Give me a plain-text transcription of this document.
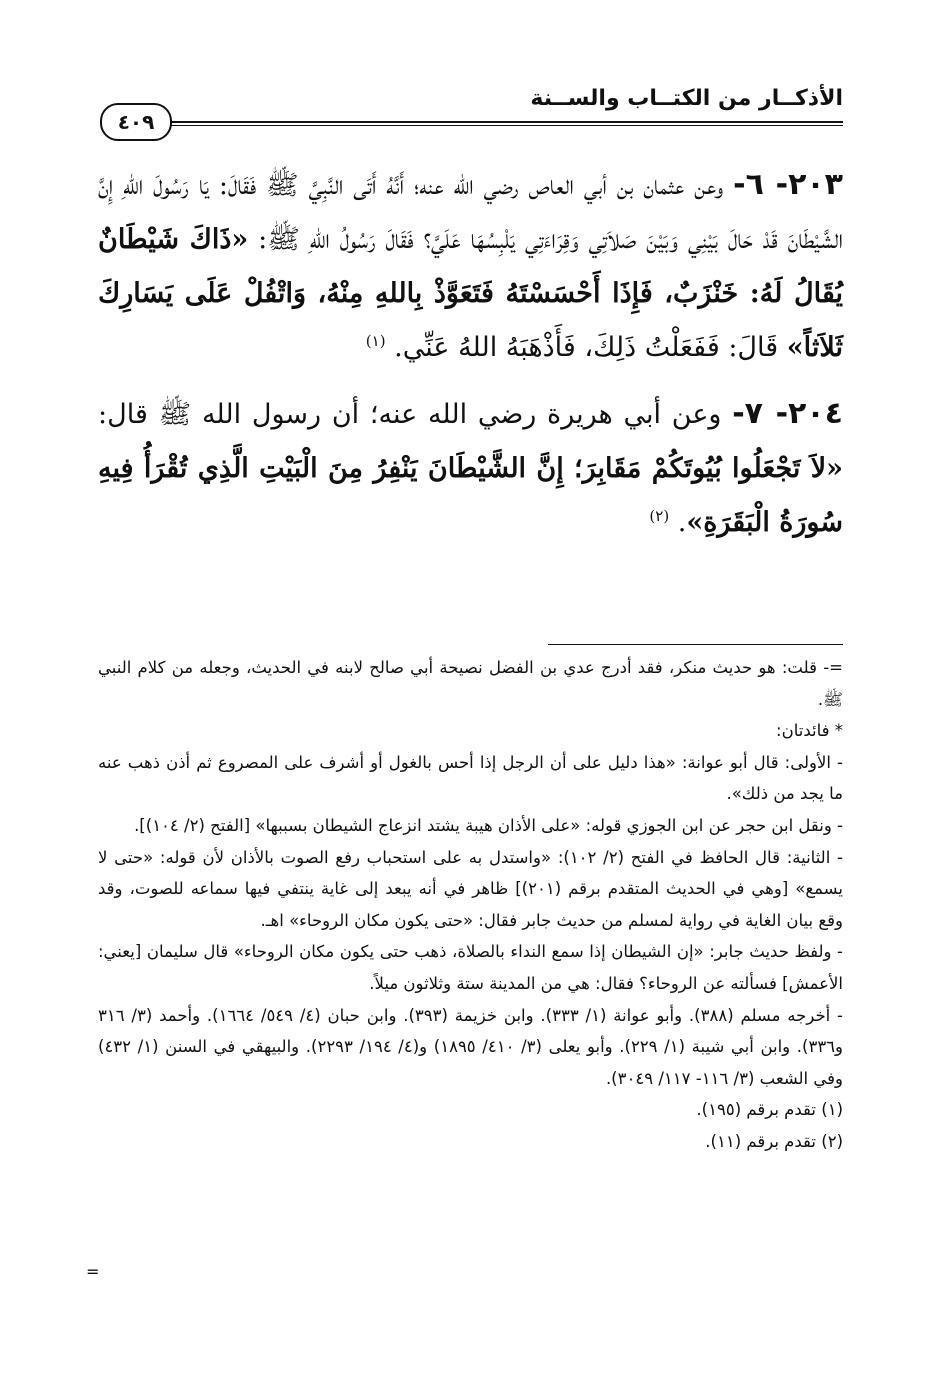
الأذكــار من الكتــاب والســنة
٤٠٩

٢٠٣- ٦- وعن عثمان بن أبي العاص رضي الله عنه؛ أَنَّهُ أَتَى النَّبِيَّ ﷺ فَقَالَ: يَا رَسُولَ اللهِ إِنَّ الشَّيْطَانَ قَدْ حَالَ بَيْنِي وَبَيْنَ صَلاَتِي وَقِرَاءَتِي يَلْبِسُهَا عَلَيَّ؟ فَقَالَ رَسُولُ اللهِ ﷺ: «ذَاكَ شَيْطَانٌ يُقَالُ لَهُ: خَنْزَبٌ، فَإِذَا أَحْسَسْتَهُ فَتَعَوَّذْ بِاللهِ مِنْهُ، وَاتْفُلْ عَلَى يَسَارِكَ ثَلاَثاً» قَالَ: فَفَعَلْتُ ذَلِكَ، فَأَذْهَبَهُ اللهُ عَنِّي. $^{(١)}$

٢٠٤- ٧- وعن أبي هريرة رضي الله عنه؛ أن رسول الله ﷺ قال: «لاَ تَجْعَلُوا بُيُوتَكُمْ مَقَابِرَ؛ إِنَّ الشَّيْطَانَ يَنْفِرُ مِنَ الْبَيْتِ الَّذِي تُقْرَأُ فِيهِ سُورَةُ الْبَقَرَةِ». $^{(٢)}$

=- قلت: هو حديث منكر، فقد أدرج عدي بن الفضل نصيحة أبي صالح لابنه في الحديث، وجعله من كلام النبي ﷺ.

* فائدتان:

- الأولى: قال أبو عوانة: «هذا دليل على أن الرجل إذا أحس بالغول أو أشرف على المصروع ثم أذن ذهب عنه ما يجد من ذلك».

- ونقل ابن حجر عن ابن الجوزي قوله: «على الأذان هيبة يشتد انزعاج الشيطان بسببها» [الفتح (٢/ ١٠٤)].

- الثانية: قال الحافظ في الفتح (٢/ ١٠٢): «واستدل به على استحباب رفع الصوت بالأذان لأن قوله: «حتى لا يسمع» [وهي في الحديث المتقدم برقم (٢٠١)] ظاهر في أنه يبعد إلى غاية ينتفي فيها سماعه للصوت، وقد وقع بيان الغاية في رواية لمسلم من حديث جابر فقال: «حتى يكون مكان الروحاء» اهـ.

- ولفظ حديث جابر: «إن الشيطان إذا سمع النداء بالصلاة، ذهب حتى يكون مكان الروحاء» قال سليمان [يعني: الأعمش] فسألته عن الروحاء؟ فقال: هي من المدينة ستة وثلاثون ميلاً.

- أخرجه مسلم (٣٨٨). وأبو عوانة (١/ ٣٣٣). وابن خزيمة (٣٩٣). وابن حبان (٤/ ٥٤٩/ ١٦٦٤). وأحمد (٣/ ٣١٦ و٣٣٦). وابن أبي شيبة (١/ ٢٢٩). وأبو يعلى (٣/ ٤١٠/ ١٨٩٥) و(٤/ ١٩٤/ ٢٢٩٣). والبيهقي في السنن (١/ ٤٣٢) وفي الشعب (٣/ ١١٦- ١١٧/ ٣٠٤٩).

(١) تقدم برقم (١٩٥).

(٢) تقدم برقم (١١).

=
